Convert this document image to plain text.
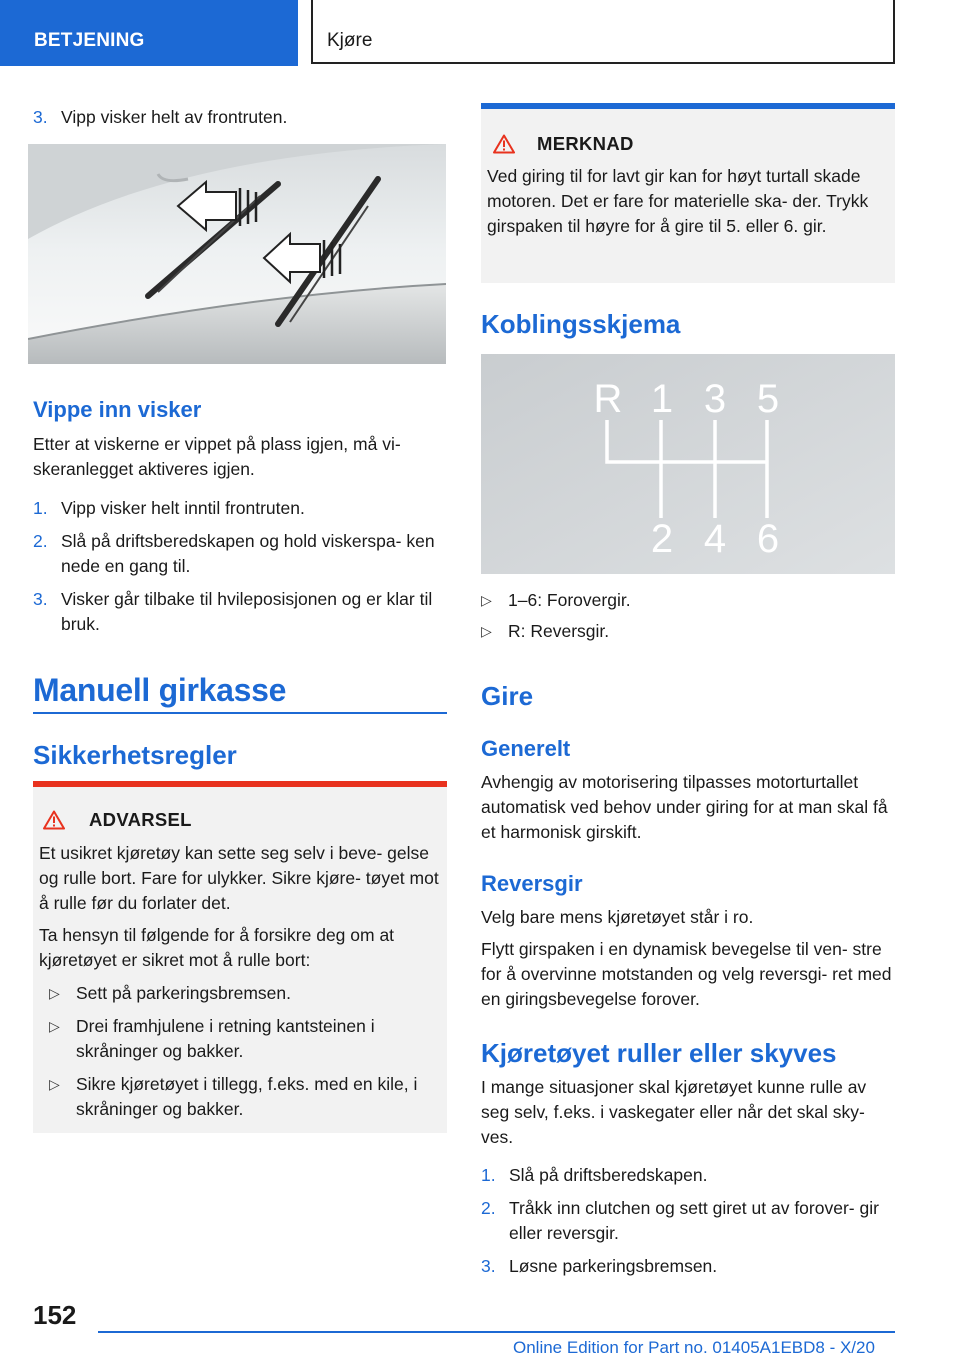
BETJENING	Kjøre
3. Vipp visker helt av frontruten.
Vippe inn visker

Etter at viskerne er vippet på plass igjen, må vi‐ skeranlegget aktiveres igjen.

1. Vipp visker helt inntil frontruten.
2. Slå på driftsberedskapen og hold viskerspa‐ ken nede en gang til.
3. Visker går tilbake til hvileposisjonen og er klar til bruk.
Manuell girkasse
Sikkerhetsregler
ADVARSEL

Et usikret kjøretøy kan sette seg selv i beve‐ gelse og rulle bort. Fare for ulykker. Sikre kjøre‐ tøyet mot å rulle før du forlater det.

Ta hensyn til følgende for å forsikre deg om at kjøretøyet er sikret mot å rulle bort:

▷ Sett på parkeringsbremsen.
▷ Drei framhjulene i retning kantsteinen i skråninger og bakker.
▷ Sikre kjøretøyet i tillegg, f.eks. med en kile, i skråninger og bakker.
MERKNAD

Ved giring til for lavt gir kan for høyt turtall skade motoren. Det er fare for materielle ska‐ der. Trykk girspaken til høyre for å gire til 5. eller 6. gir.

Koblingsskjema
R 1 3 5
2 4 6
▷ 1–6: Forovergir.
▷ R: Reversgir.
Gire
Generelt

Avhengig av motorisering tilpasses motorturtallet automatisk ved behov under giring for at man skal få et harmonisk girskift.

Reversgir

Velg bare mens kjøretøyet står i ro.

Flytt girspaken i en dynamisk bevegelse til ven‐ stre for å overvinne motstanden og velg reversgi‐ ret med en giringsbevegelse forover.

Kjøretøyet ruller eller skyves

I mange situasjoner skal kjøretøyet kunne rulle av seg selv, f.eks. i vaskegater eller når det skal sky‐ ves.

1. Slå på driftsberedskapen.
2. Tråkk inn clutchen og sett giret ut av forover‐ gir eller reversgir.
3. Løsne parkeringsbremsen.
152
Online Edition for Part no. 01405A1EBD8 - X/20
